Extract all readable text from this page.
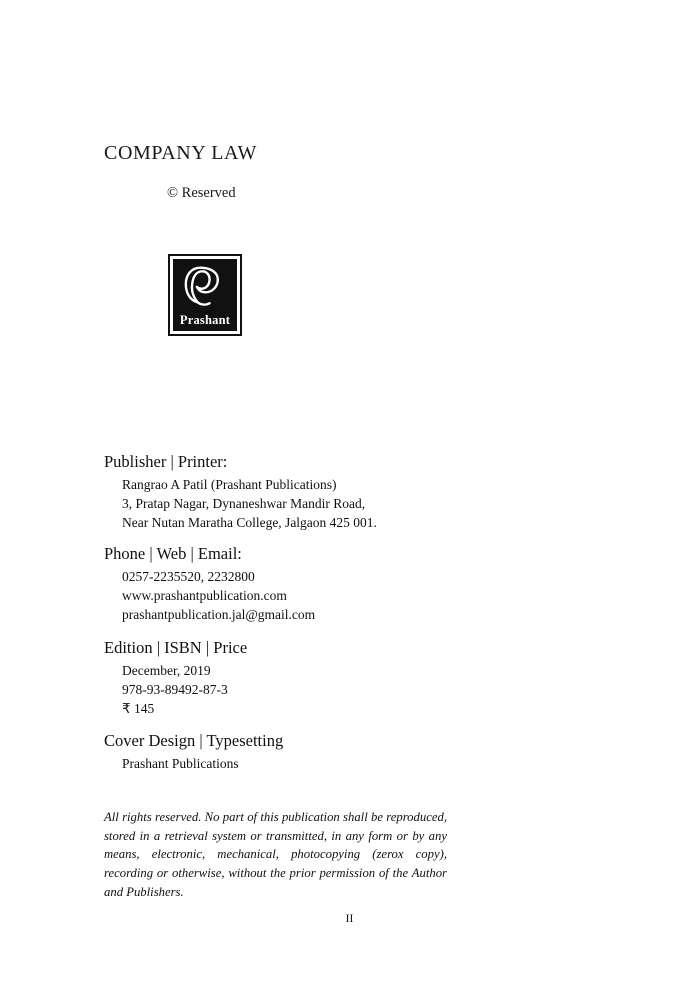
COMPANY LAW
© Reserved
Prashant
Publisher | Printer:
Rangrao A Patil (Prashant Publications)
3, Pratap Nagar, Dynaneshwar Mandir Road,
Near Nutan Maratha College, Jalgaon 425 001.
Phone | Web | Email:
0257-2235520, 2232800
www.prashantpublication.com
prashantpublication.jal@gmail.com
Edition | ISBN | Price
December, 2019
978-93-89492-87-3
₹ 145
Cover Design | Typesetting
Prashant Publications
All rights reserved. No part of this publication shall be reproduced, stored in a retrieval system or transmitted, in any form or by any means, electronic, mechanical, photocopying (zerox copy), recording or otherwise, without the prior permission of the Author and Publishers.
II
